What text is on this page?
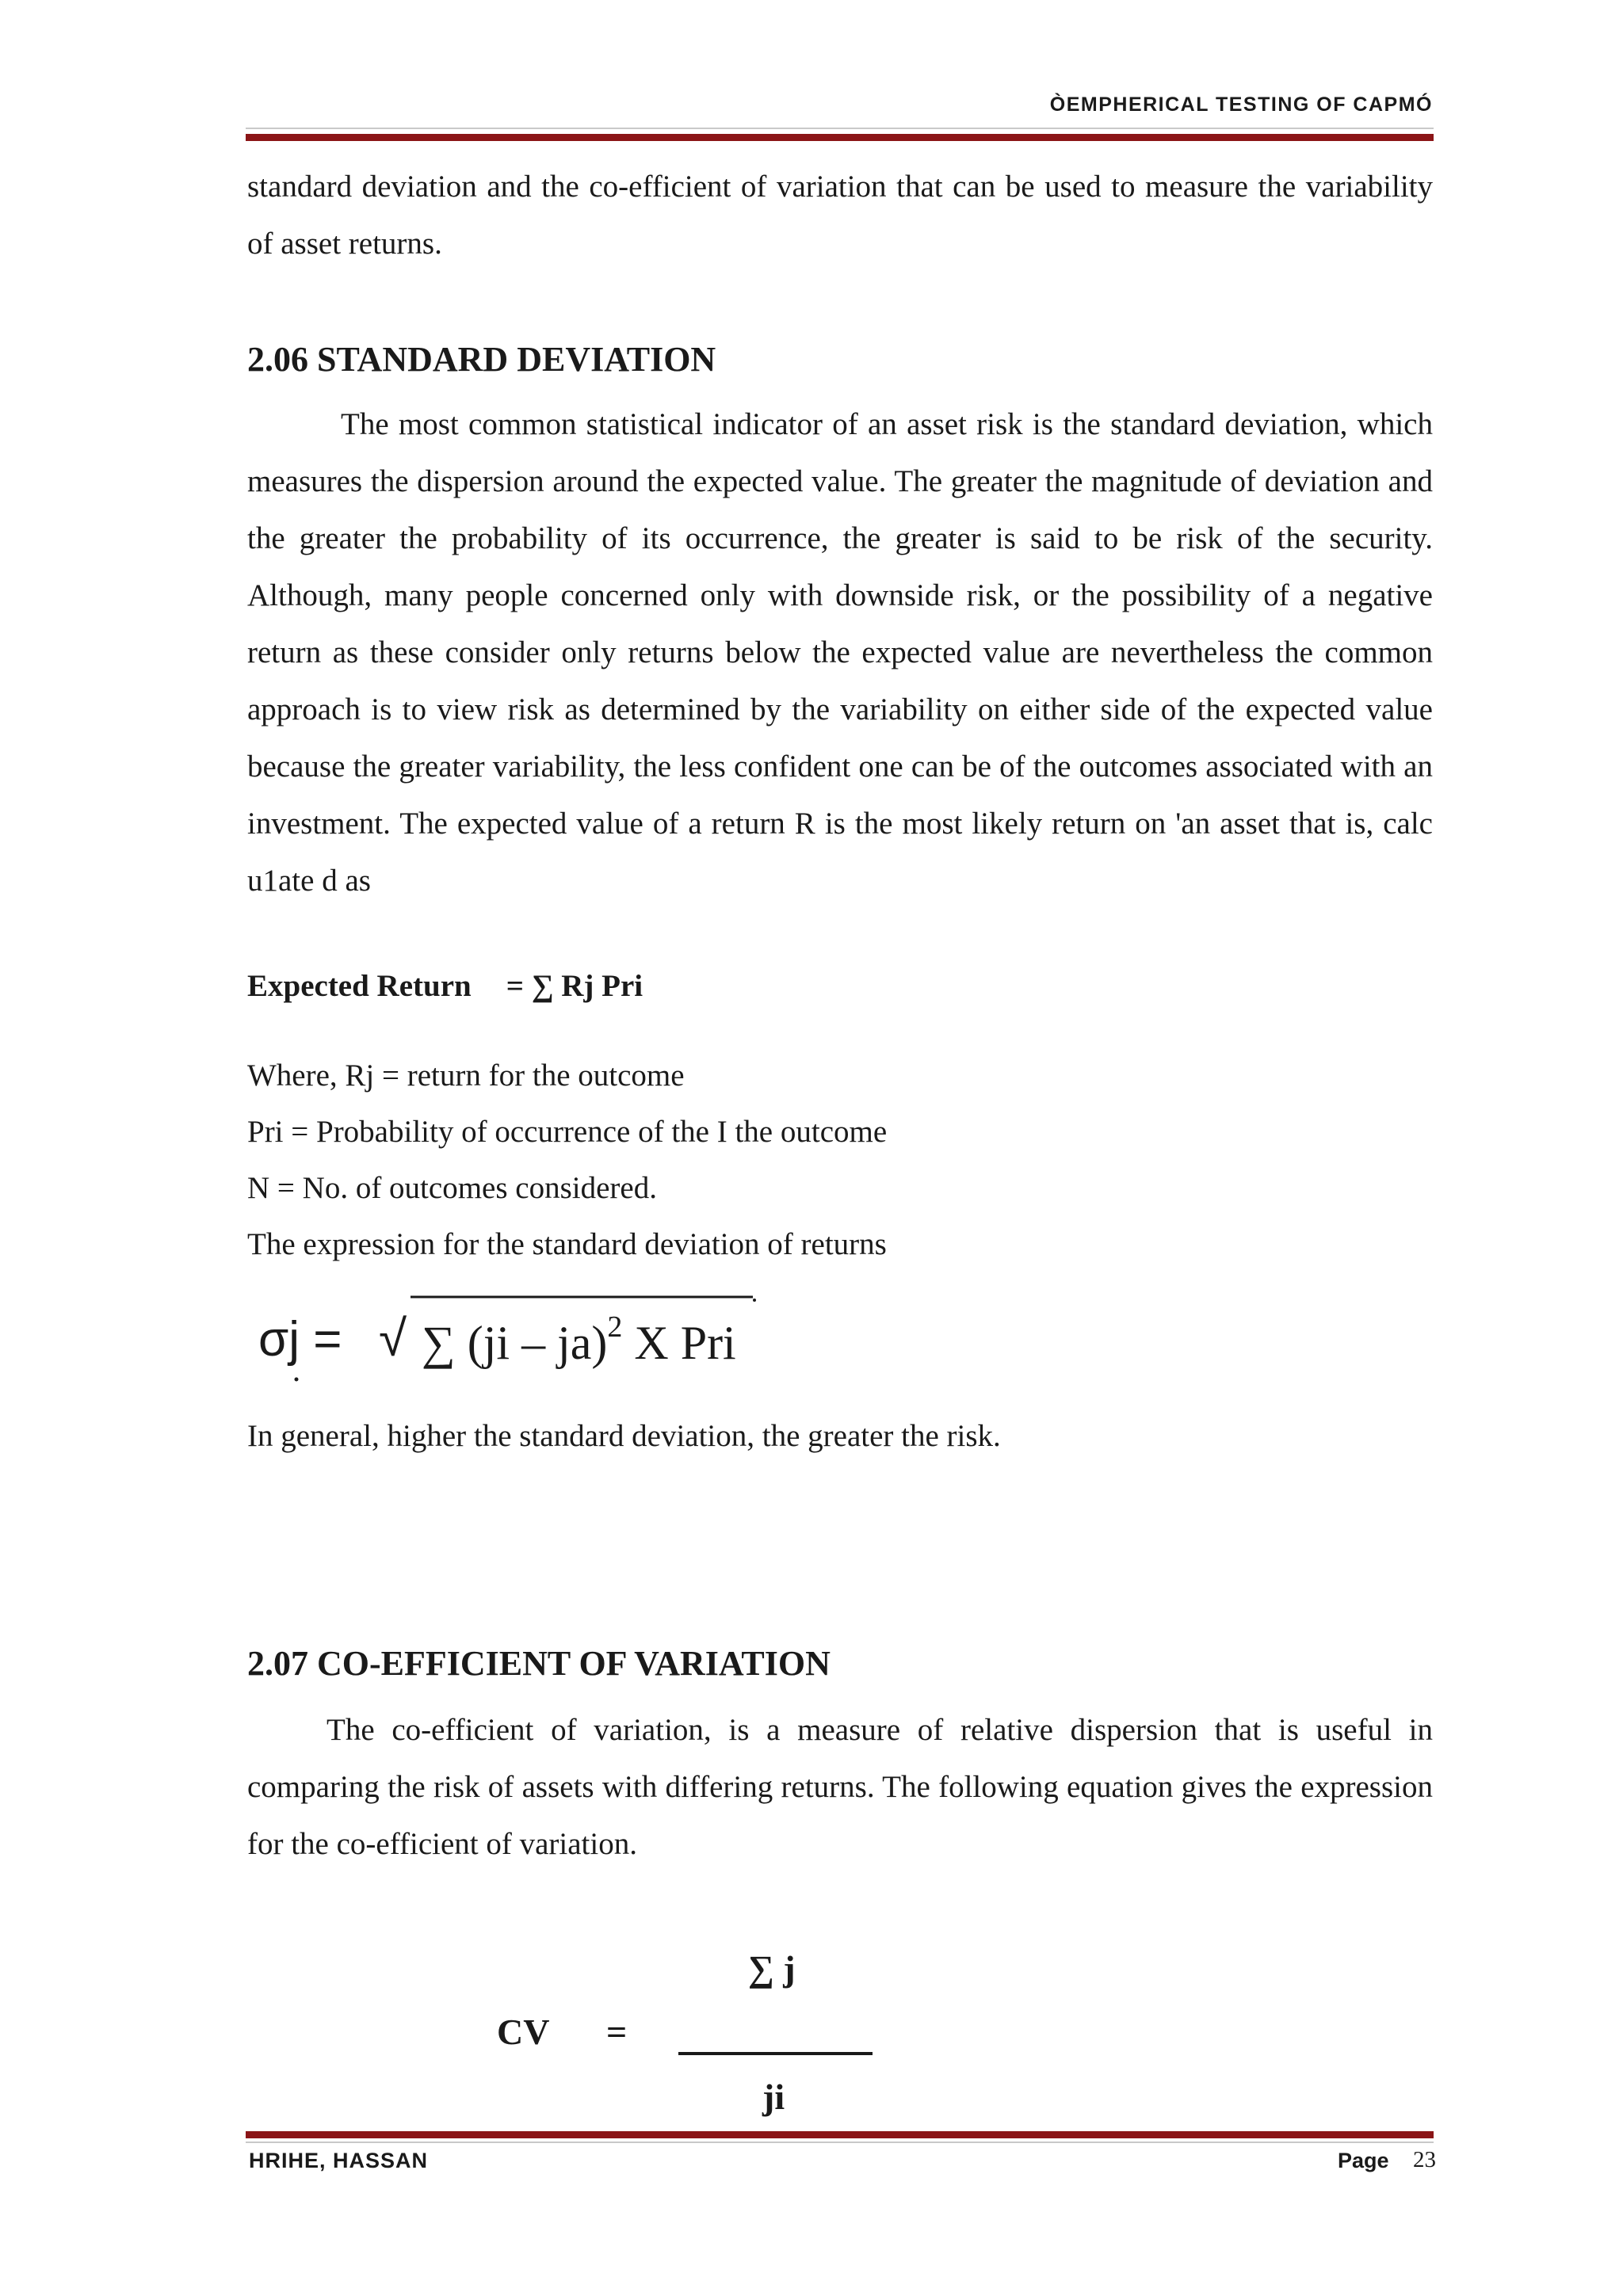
ÒEMPHERICAL TESTING OF CAPMÓ

standard deviation and the co-efficient of variation that can be used to measure the variability of asset returns.

2.06 STANDARD DEVIATION

The most common statistical indicator of an asset risk is the standard deviation, which measures the dispersion around the expected value. The greater the magnitude of deviation and the greater the probability of its occurrence, the greater is said to be risk of the security. Although, many people concerned only with downside risk, or the possibility of a negative return as these consider only returns below the expected value are nevertheless the common approach is to view risk as determined by the variability on either side of the expected value because the greater variability, the less confident one can be of the outcomes associated with an investment. The expected value of a return R is the most likely return on 'an asset that is, calc u1ate d as

Expected Return = ∑ Rj Pri

Where, Rj = return for the outcome

Pri = Probability of occurrence of the I the outcome

N = No. of outcomes considered.

The expression for the standard deviation of returns

σj = √ ∑ (ji – ja)$^2$ X Pri

In general, higher the standard deviation, the greater the risk.

2.07 CO-EFFICIENT OF VARIATION

The co-efficient of variation, is a measure of relative dispersion that is useful in comparing the risk of assets with differing returns. The following equation gives the expression for the co-efficient of variation.

CV =
∑ j
ji
HRIHE, HASSAN	Page 23
